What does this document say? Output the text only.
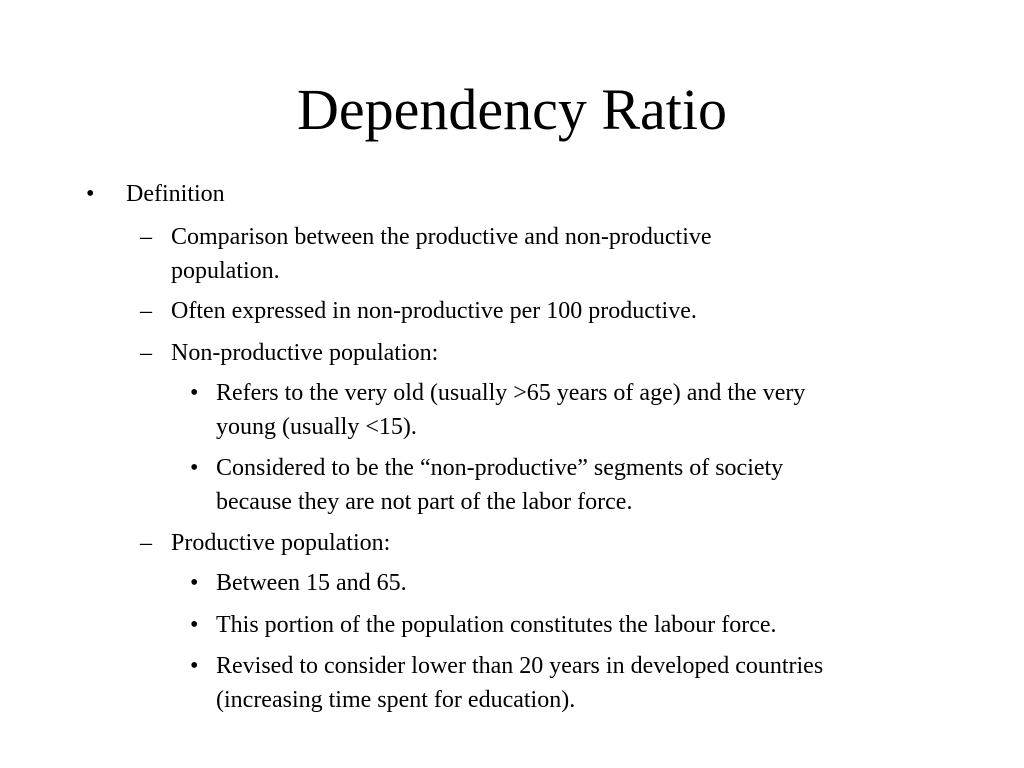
Dependency Ratio
• Definition
– Comparison between the productive and non-productive
population.
– Often expressed in non-productive per 100 productive.
– Non-productive population:
• Refers to the very old (usually >65 years of age) and the very
young (usually <15).
• Considered to be the “non-productive” segments of society
because they are not part of the labor force.
– Productive population:
• Between 15 and 65.
• This portion of the population constitutes the labour force.
• Revised to consider lower than 20 years in developed countries
(increasing time spent for education).
